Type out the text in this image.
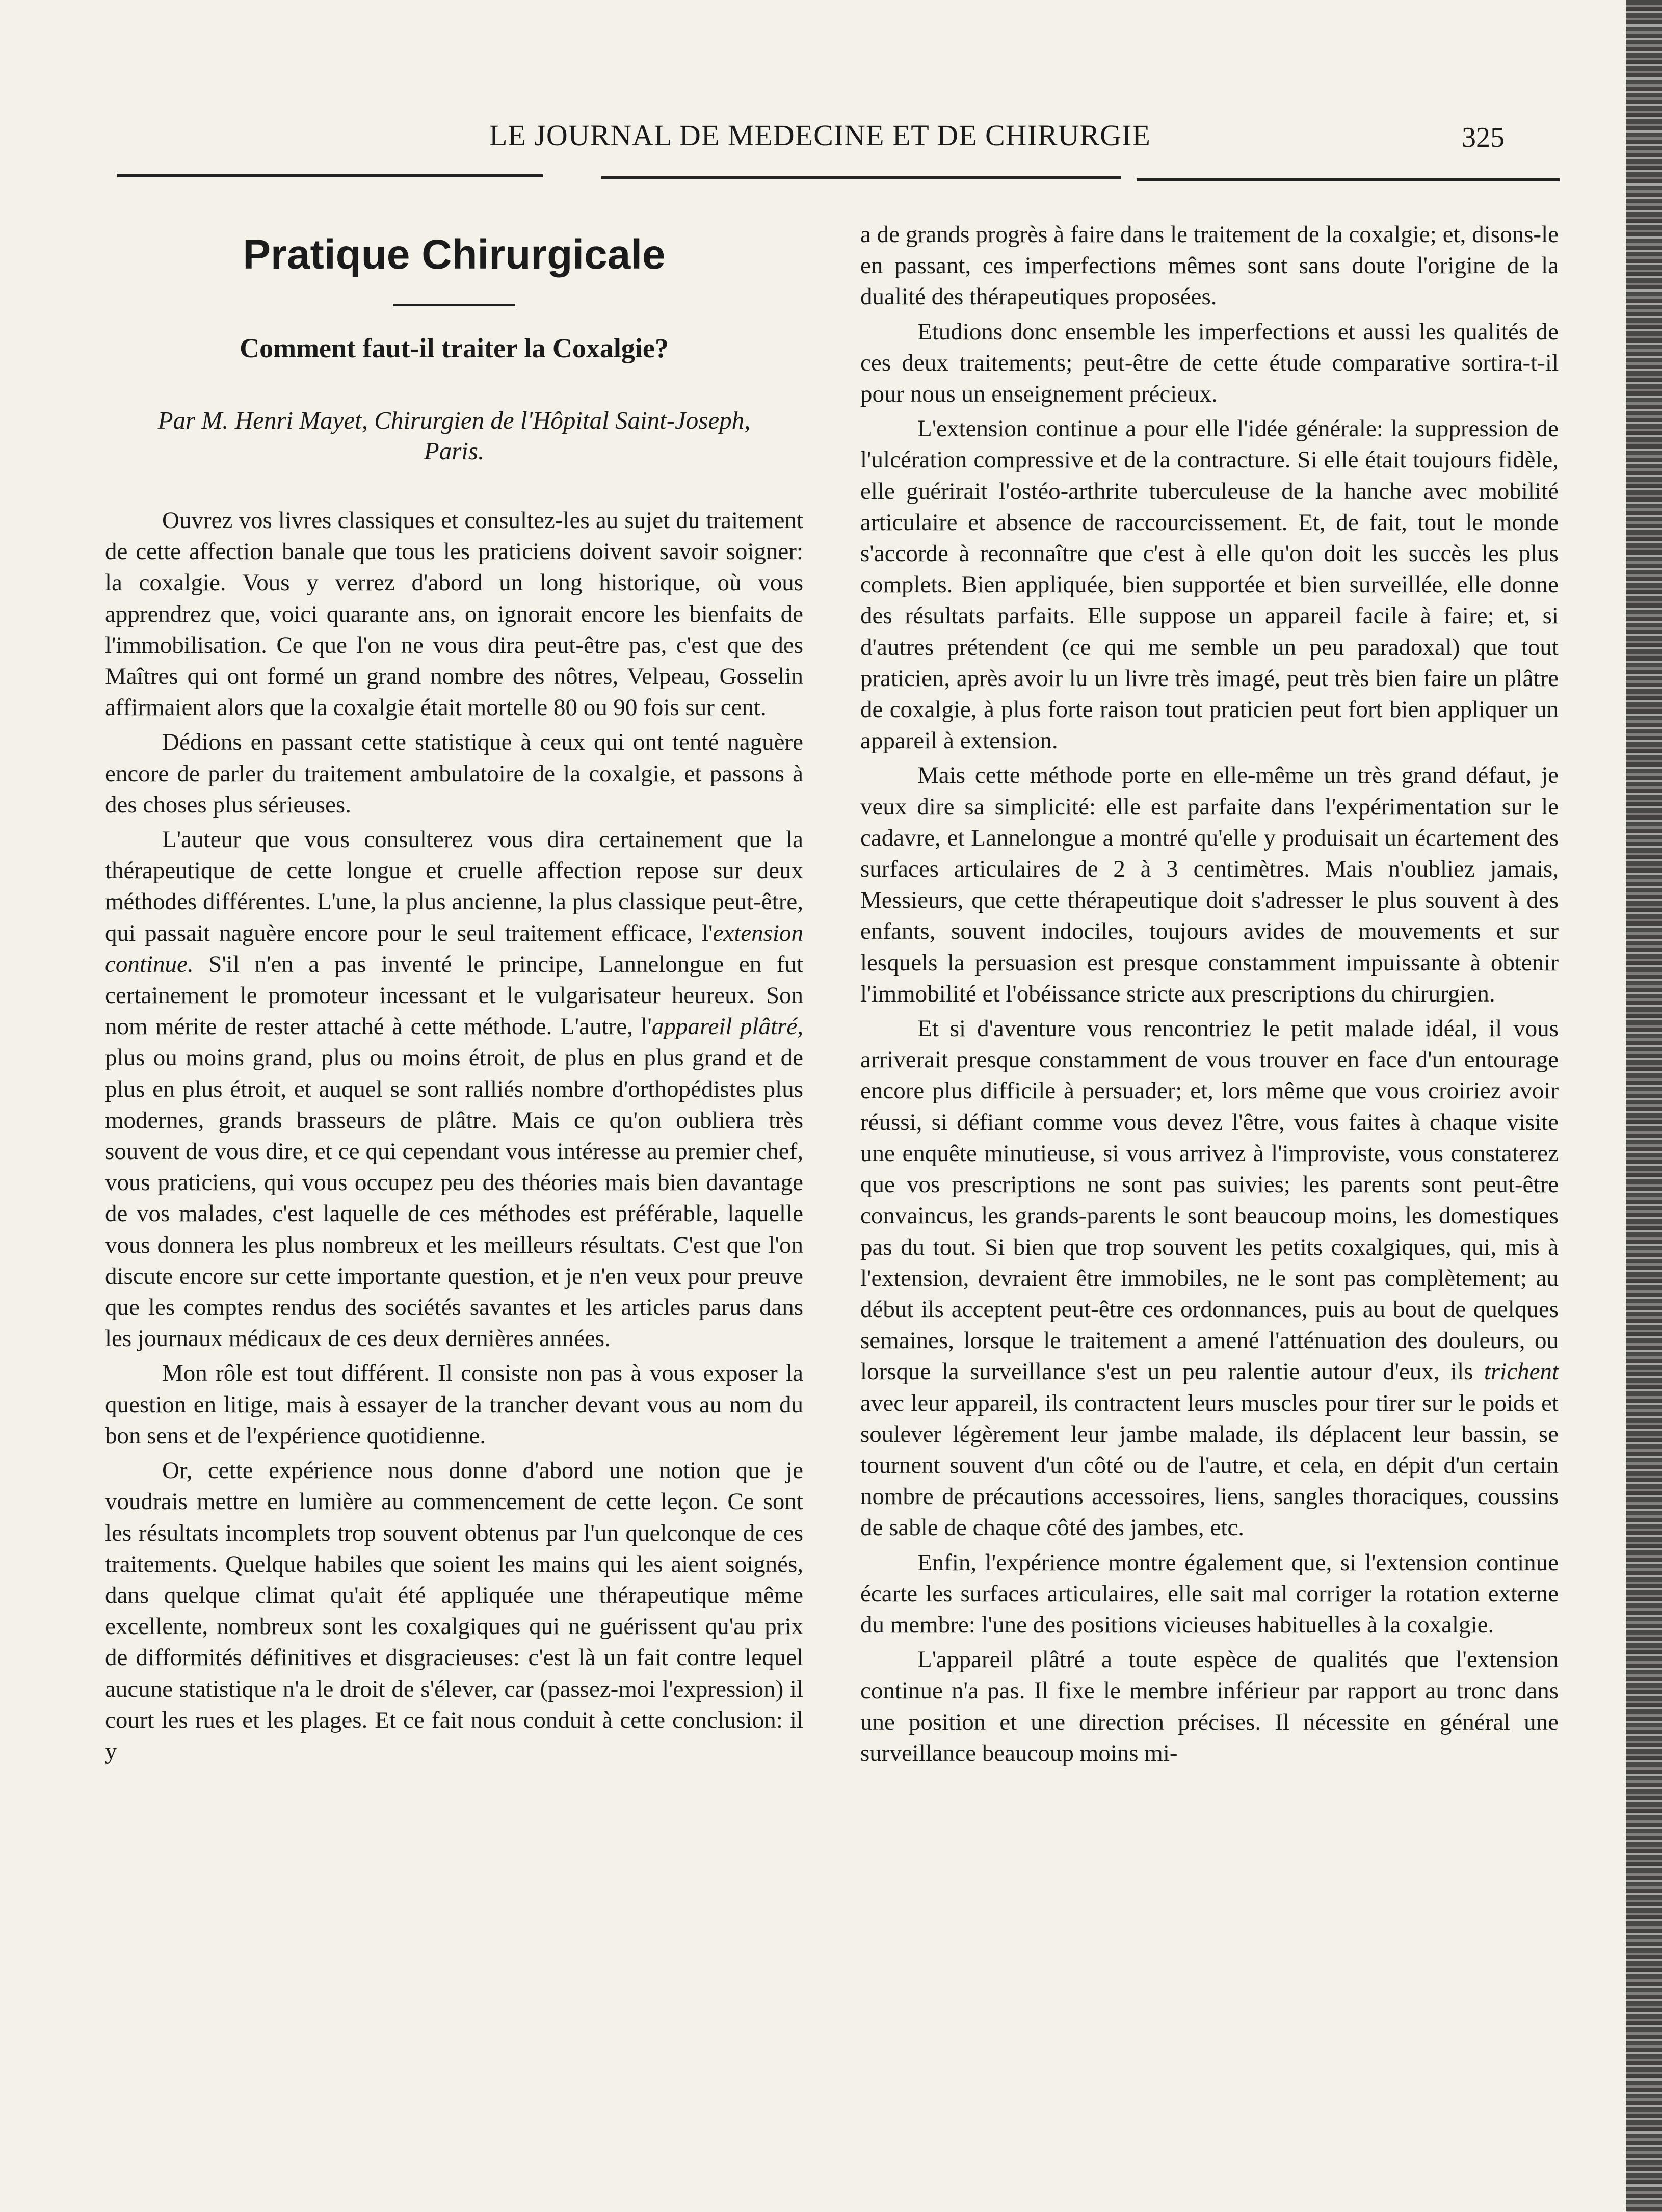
LE JOURNAL DE MEDECINE ET DE CHIRURGIE	325
Pratique Chirurgicale
Comment faut-il traiter la Coxalgie?
Par M. Henri Mayet, Chirurgien de l'Hôpital Saint-Joseph, Paris.

Ouvrez vos livres classiques et consultez-les au sujet du traitement de cette affection banale que tous les praticiens doivent savoir soigner: la coxalgie. Vous y verrez d'abord un long historique, où vous apprendrez que, voici quarante ans, on ignorait encore les bienfaits de l'immobilisation. Ce que l'on ne vous dira peut-être pas, c'est que des Maîtres qui ont formé un grand nombre des nôtres, Velpeau, Gosselin affirmaient alors que la coxalgie était mortelle 80 ou 90 fois sur cent.

Dédions en passant cette statistique à ceux qui ont tenté naguère encore de parler du traitement ambulatoire de la coxalgie, et passons à des choses plus sérieuses.

L'auteur que vous consulterez vous dira certainement que la thérapeutique de cette longue et cruelle affection repose sur deux méthodes différentes. L'une, la plus ancienne, la plus classique peut-être, qui passait naguère encore pour le seul traitement efficace, l'extension continue. S'il n'en a pas inventé le principe, Lannelongue en fut certainement le promoteur incessant et le vulgarisateur heureux. Son nom mérite de rester attaché à cette méthode. L'autre, l'appareil plâtré, plus ou moins grand, plus ou moins étroit, de plus en plus grand et de plus en plus étroit, et auquel se sont ralliés nombre d'orthopédistes plus modernes, grands brasseurs de plâtre. Mais ce qu'on oubliera très souvent de vous dire, et ce qui cependant vous intéresse au premier chef, vous praticiens, qui vous occupez peu des théories mais bien davantage de vos malades, c'est laquelle de ces méthodes est préférable, laquelle vous donnera les plus nombreux et les meilleurs résultats. C'est que l'on discute encore sur cette importante question, et je n'en veux pour preuve que les comptes rendus des sociétés savantes et les articles parus dans les journaux médicaux de ces deux dernières années.

Mon rôle est tout différent. Il consiste non pas à vous exposer la question en litige, mais à essayer de la trancher devant vous au nom du bon sens et de l'expérience quotidienne.

Or, cette expérience nous donne d'abord une notion que je voudrais mettre en lumière au commencement de cette leçon. Ce sont les résultats incomplets trop souvent obtenus par l'un quelconque de ces traitements. Quelque habiles que soient les mains qui les aient soignés, dans quelque climat qu'ait été appliquée une thérapeutique même excellente, nombreux sont les coxalgiques qui ne guérissent qu'au prix de difformités définitives et disgracieuses: c'est là un fait contre lequel aucune statistique n'a le droit de s'élever, car (passez-moi l'expression) il court les rues et les plages. Et ce fait nous conduit à cette conclusion: il y

a de grands progrès à faire dans le traitement de la coxalgie; et, disons-le en passant, ces imperfections mêmes sont sans doute l'origine de la dualité des thérapeutiques proposées.

Etudions donc ensemble les imperfections et aussi les qualités de ces deux traitements; peut-être de cette étude comparative sortira-t-il pour nous un enseignement précieux.

L'extension continue a pour elle l'idée générale: la suppression de l'ulcération compressive et de la contracture. Si elle était toujours fidèle, elle guérirait l'ostéo-arthrite tuberculeuse de la hanche avec mobilité articulaire et absence de raccourcissement. Et, de fait, tout le monde s'accorde à reconnaître que c'est à elle qu'on doit les succès les plus complets. Bien appliquée, bien supportée et bien surveillée, elle donne des résultats parfaits. Elle suppose un appareil facile à faire; et, si d'autres prétendent (ce qui me semble un peu paradoxal) que tout praticien, après avoir lu un livre très imagé, peut très bien faire un plâtre de coxalgie, à plus forte raison tout praticien peut fort bien appliquer un appareil à extension.

Mais cette méthode porte en elle-même un très grand défaut, je veux dire sa simplicité: elle est parfaite dans l'expérimentation sur le cadavre, et Lannelongue a montré qu'elle y produisait un écartement des surfaces articulaires de 2 à 3 centimètres. Mais n'oubliez jamais, Messieurs, que cette thérapeutique doit s'adresser le plus souvent à des enfants, souvent indociles, toujours avides de mouvements et sur lesquels la persuasion est presque constamment impuissante à obtenir l'immobilité et l'obéissance stricte aux prescriptions du chirurgien.

Et si d'aventure vous rencontriez le petit malade idéal, il vous arriverait presque constamment de vous trouver en face d'un entourage encore plus difficile à persuader; et, lors même que vous croiriez avoir réussi, si défiant comme vous devez l'être, vous faites à chaque visite une enquête minutieuse, si vous arrivez à l'improviste, vous constaterez que vos prescriptions ne sont pas suivies; les parents sont peut-être convaincus, les grands-parents le sont beaucoup moins, les domestiques pas du tout. Si bien que trop souvent les petits coxalgiques, qui, mis à l'extension, devraient être immobiles, ne le sont pas complètement; au début ils acceptent peut-être ces ordonnances, puis au bout de quelques semaines, lorsque le traitement a amené l'atténuation des douleurs, ou lorsque la surveillance s'est un peu ralentie autour d'eux, ils trichent avec leur appareil, ils contractent leurs muscles pour tirer sur le poids et soulever légèrement leur jambe malade, ils déplacent leur bassin, se tournent souvent d'un côté ou de l'autre, et cela, en dépit d'un certain nombre de précautions accessoires, liens, sangles thoraciques, coussins de sable de chaque côté des jambes, etc.

Enfin, l'expérience montre également que, si l'extension continue écarte les surfaces articulaires, elle sait mal corriger la rotation externe du membre: l'une des positions vicieuses habituelles à la coxalgie.

L'appareil plâtré a toute espèce de qualités que l'extension continue n'a pas. Il fixe le membre inférieur par rapport au tronc dans une position et une direction précises. Il nécessite en général une surveillance beaucoup moins mi-
